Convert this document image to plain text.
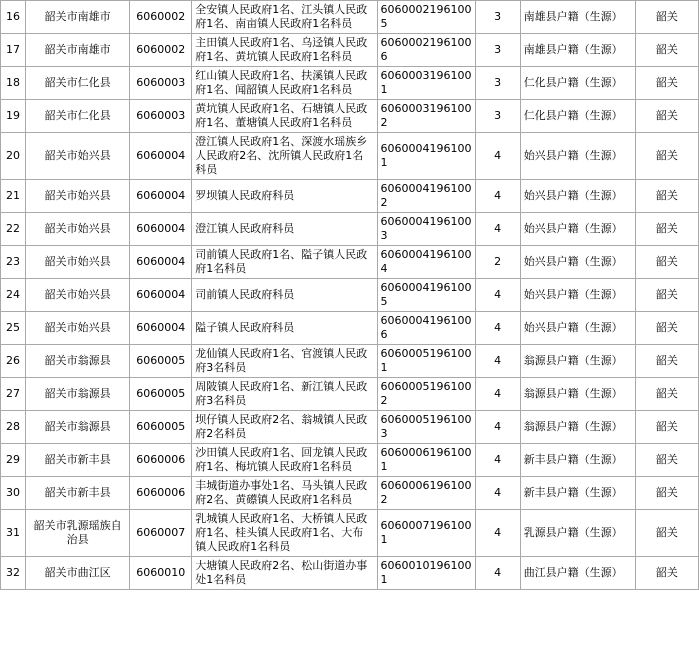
16	韶关市南雄市	6060002	全安镇人民政府1名、江头镇人民政府1名、南亩镇人民政府1名科员	60600021961005	3	南雄县户籍（生源）	韶关
17	韶关市南雄市	6060002	主田镇人民政府1名、乌迳镇人民政府1名、黄坑镇人民政府1名科员	60600021961006	3	南雄县户籍（生源）	韶关
18	韶关市仁化县	6060003	红山镇人民政府1名、扶溪镇人民政府1名、闻韶镇人民政府1名科员	60600031961001	3	仁化县户籍（生源）	韶关
19	韶关市仁化县	6060003	黄坑镇人民政府1名、石塘镇人民政府1名、董塘镇人民政府1名科员	60600031961002	3	仁化县户籍（生源）	韶关
20	韶关市始兴县	6060004	澄江镇人民政府1名、深渡水瑶族乡人民政府2名、沈所镇人民政府1名科员	60600041961001	4	始兴县户籍（生源）	韶关
21	韶关市始兴县	6060004	罗坝镇人民政府科员	60600041961002	4	始兴县户籍（生源）	韶关
22	韶关市始兴县	6060004	澄江镇人民政府科员	60600041961003	4	始兴县户籍（生源）	韶关
23	韶关市始兴县	6060004	司前镇人民政府1名、隘子镇人民政府1名科员	60600041961004	2	始兴县户籍（生源）	韶关
24	韶关市始兴县	6060004	司前镇人民政府科员	60600041961005	4	始兴县户籍（生源）	韶关
25	韶关市始兴县	6060004	隘子镇人民政府科员	60600041961006	4	始兴县户籍（生源）	韶关
26	韶关市翁源县	6060005	龙仙镇人民政府1名、官渡镇人民政府3名科员	60600051961001	4	翁源县户籍（生源）	韶关
27	韶关市翁源县	6060005	周陂镇人民政府1名、新江镇人民政府3名科员	60600051961002	4	翁源县户籍（生源）	韶关
28	韶关市翁源县	6060005	坝仔镇人民政府2名、翁城镇人民政府2名科员	60600051961003	4	翁源县户籍（生源）	韶关
29	韶关市新丰县	6060006	沙田镇人民政府1名、回龙镇人民政府1名、梅坑镇人民政府1名科员	60600061961001	4	新丰县户籍（生源）	韶关
30	韶关市新丰县	6060006	丰城街道办事处1名、马头镇人民政府2名、黄礤镇人民政府1名科员	60600061961002	4	新丰县户籍（生源）	韶关
31	韶关市乳源瑶族自治县	6060007	乳城镇人民政府1名、大桥镇人民政府1名、桂头镇人民政府1名、大布镇人民政府1名科员	60600071961001	4	乳源县户籍（生源）	韶关
32	韶关市曲江区	6060010	大塘镇人民政府2名、松山街道办事处1名科员	60600101961001	4	曲江县户籍（生源）	韶关
